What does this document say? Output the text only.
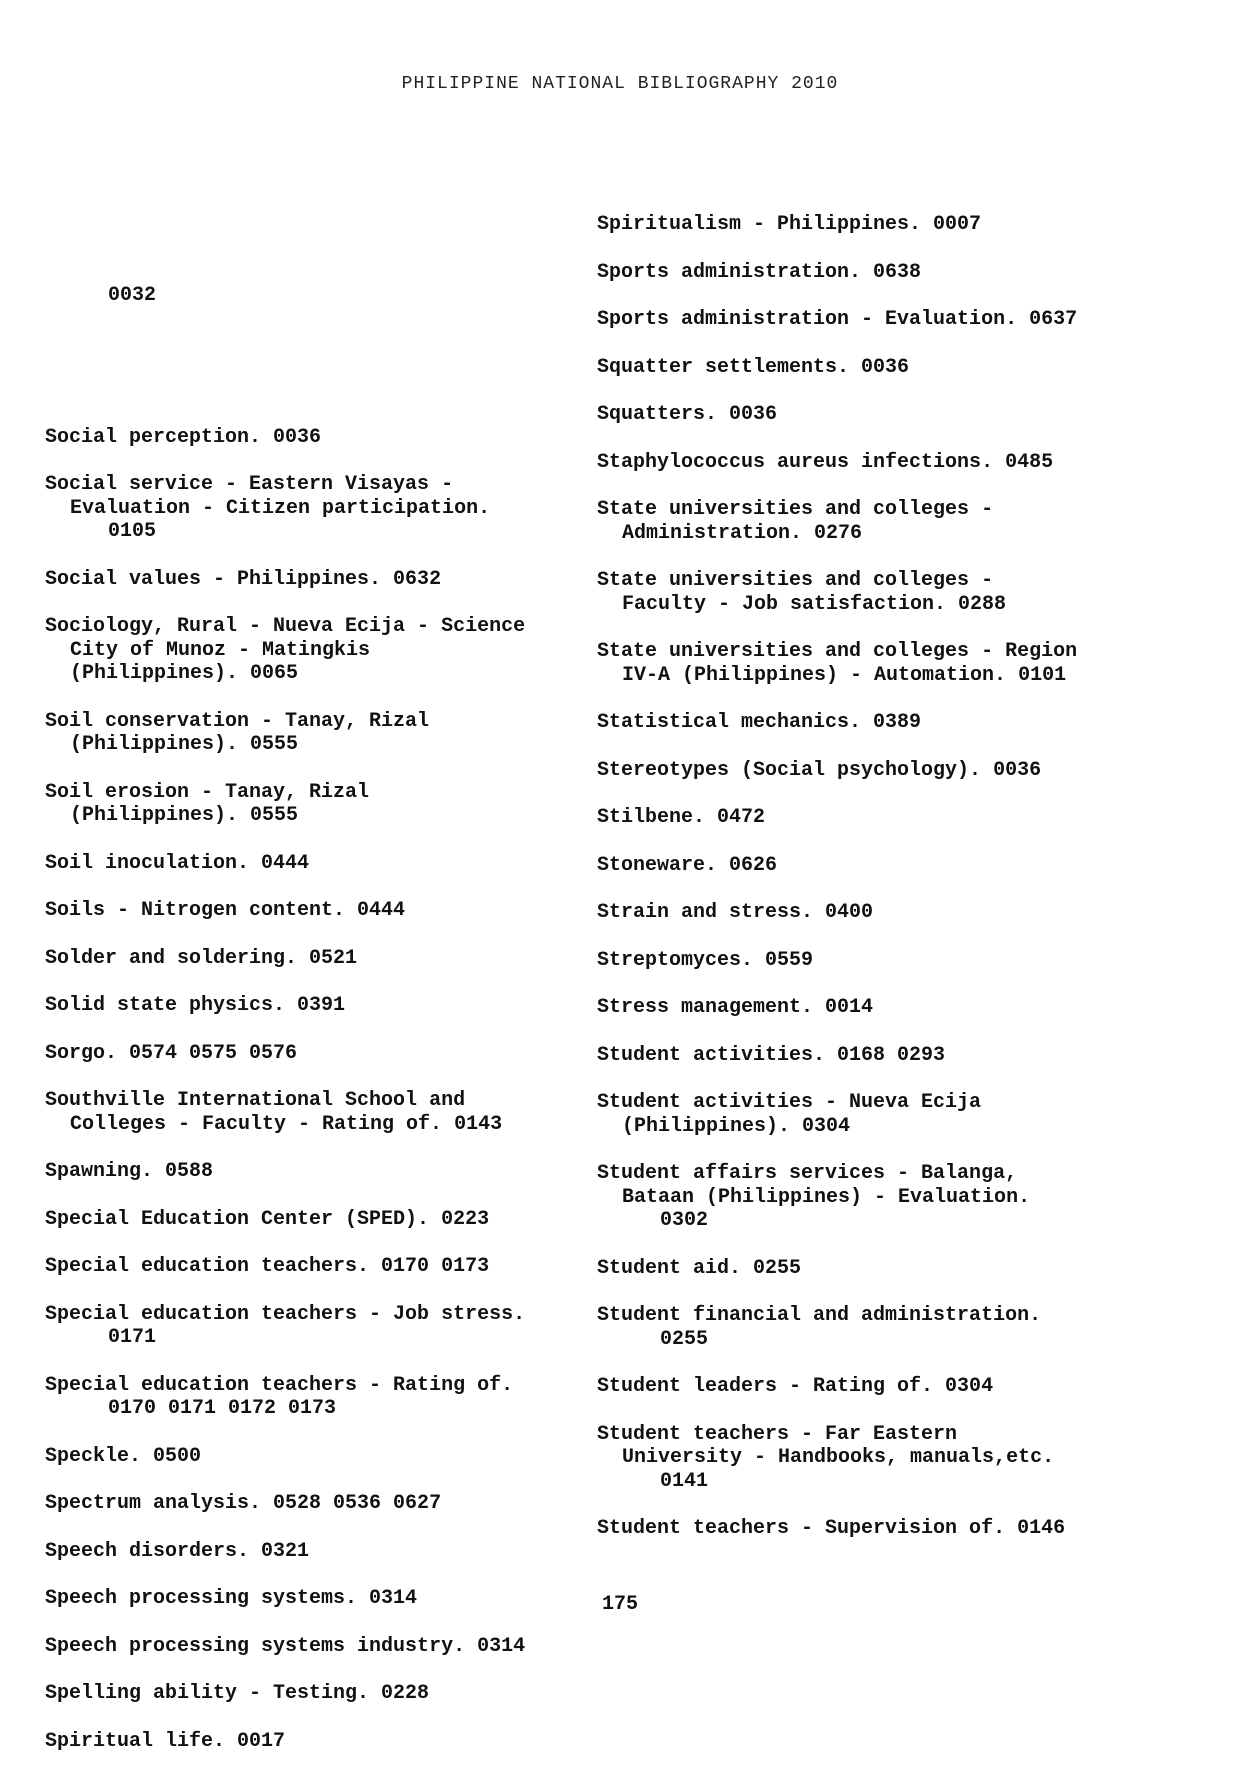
PHILIPPINE NATIONAL BIBLIOGRAPHY 2010

0032

Social perception. 0036
Social service - Eastern Visayas -
Evaluation - Citizen participation.
0105
Social values - Philippines. 0632
Sociology, Rural - Nueva Ecija - Science
City of Munoz - Matingkis
(Philippines). 0065
Soil conservation - Tanay, Rizal
(Philippines). 0555
Soil erosion - Tanay, Rizal
(Philippines). 0555
Soil inoculation. 0444
Soils - Nitrogen content. 0444
Solder and soldering. 0521
Solid state physics. 0391
Sorgo. 0574 0575 0576
Southville International School and
Colleges - Faculty - Rating of. 0143
Spawning. 0588
Special Education Center (SPED). 0223
Special education teachers. 0170 0173
Special education teachers - Job stress.
0171
Special education teachers - Rating of.
0170 0171 0172 0173
Speckle. 0500
Spectrum analysis. 0528 0536 0627
Speech disorders. 0321
Speech processing systems. 0314
Speech processing systems industry. 0314
Spelling ability - Testing. 0228
Spiritual life. 0017
Spiritualism - Philippines. 0007
Sports administration. 0638
Sports administration - Evaluation. 0637
Squatter settlements. 0036
Squatters. 0036
Staphylococcus aureus infections. 0485
State universities and colleges -
Administration. 0276
State universities and colleges -
Faculty - Job satisfaction. 0288
State universities and colleges - Region
IV-A (Philippines) - Automation. 0101
Statistical mechanics. 0389
Stereotypes (Social psychology). 0036
Stilbene. 0472
Stoneware. 0626
Strain and stress. 0400
Streptomyces. 0559
Stress management. 0014
Student activities. 0168 0293
Student activities - Nueva Ecija
(Philippines). 0304
Student affairs services - Balanga,
Bataan (Philippines) - Evaluation.
0302
Student aid. 0255
Student financial and administration.
0255
Student leaders - Rating of. 0304
Student teachers - Far Eastern
University - Handbooks, manuals,etc.
0141
Student teachers - Supervision of. 0146
175
